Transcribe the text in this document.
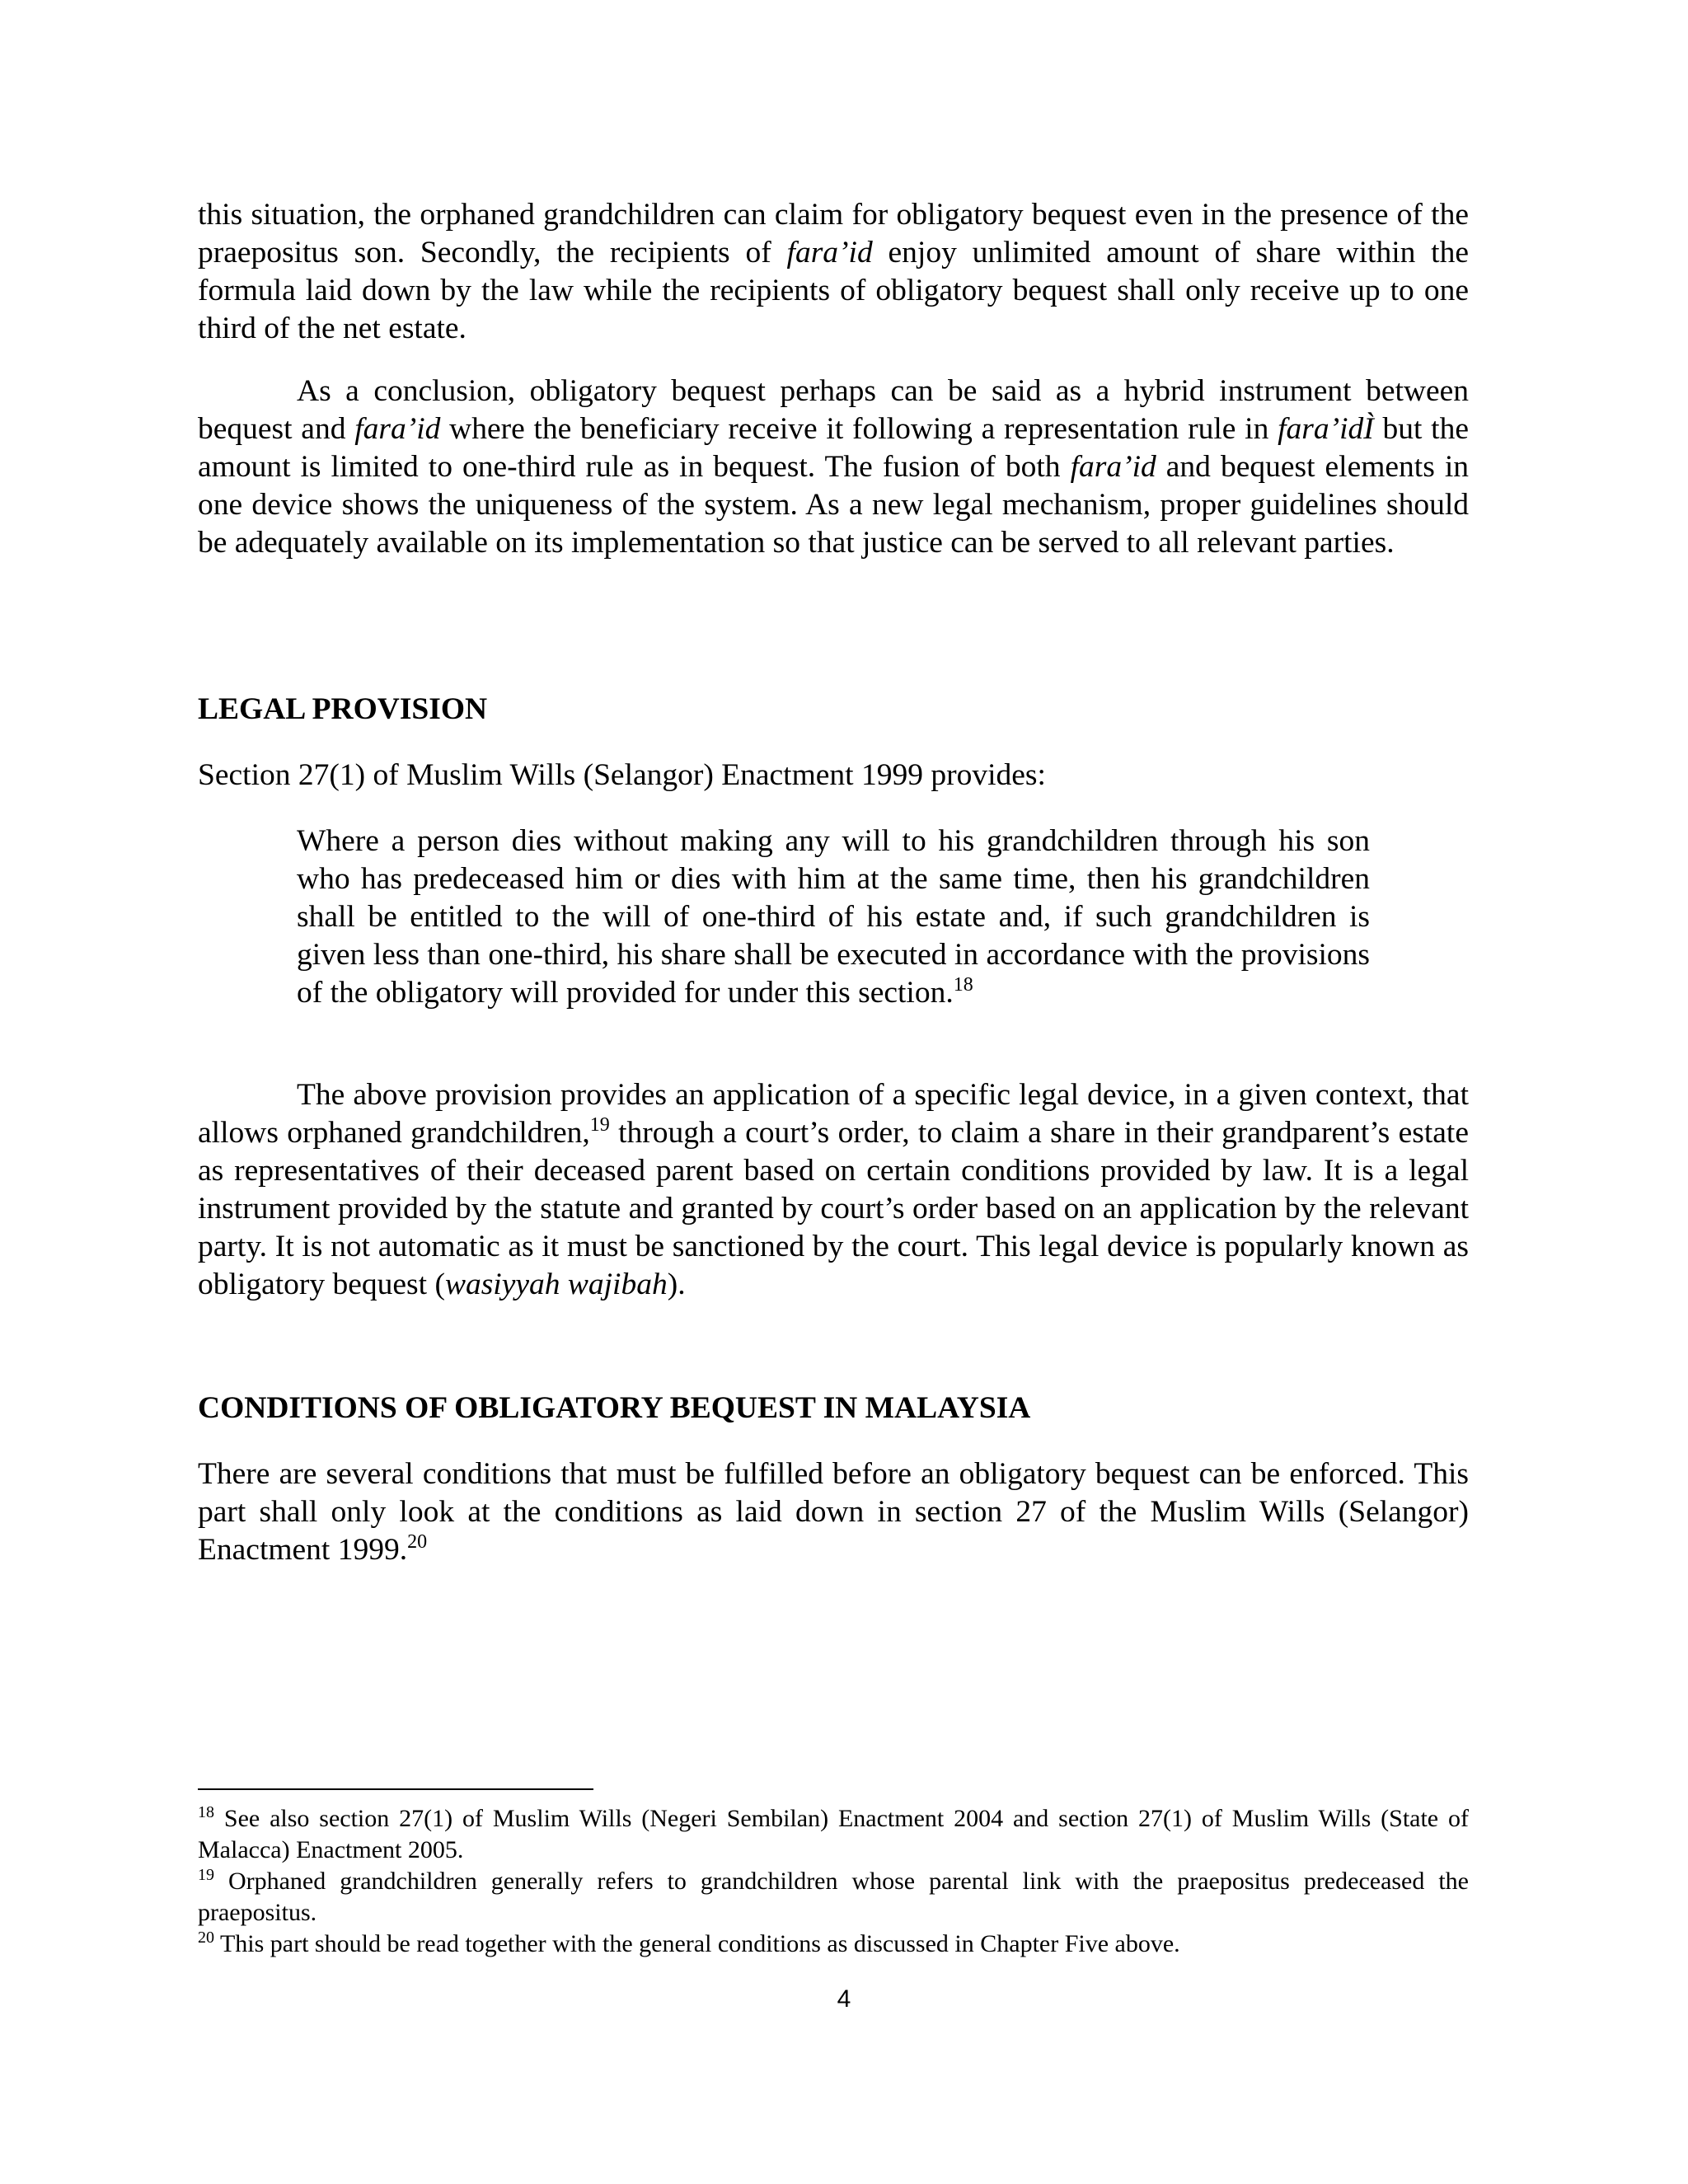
this situation, the orphaned grandchildren can claim for obligatory bequest even in the presence of the praepositus son. Secondly, the recipients of fara’id enjoy unlimited amount of share within the formula laid down by the law while the recipients of obligatory bequest shall only receive up to one third of the net estate.

As a conclusion, obligatory bequest perhaps can be said as a hybrid instrument between bequest and fara’id where the beneficiary receive it following a representation rule in fara’idÌ but the amount is limited to one-third rule as in bequest. The fusion of both fara’id and bequest elements in one device shows the uniqueness of the system. As a new legal mechanism, proper guidelines should be adequately available on its implementation so that justice can be served to all relevant parties.

LEGAL PROVISION

Section 27(1) of Muslim Wills (Selangor) Enactment 1999 provides:

Where a person dies without making any will to his grandchildren through his son who has predeceased him or dies with him at the same time, then his grandchildren shall be entitled to the will of one-third of his estate and, if such grandchildren is given less than one-third, his share shall be executed in accordance with the provisions of the obligatory will provided for under this section.$^{18}$

The above provision provides an application of a specific legal device, in a given context, that allows orphaned grandchildren,$^{19}$ through a court’s order, to claim a share in their grandparent’s estate as representatives of their deceased parent based on certain conditions provided by law. It is a legal instrument provided by the statute and granted by court’s order based on an application by the relevant party. It is not automatic as it must be sanctioned by the court. This legal device is popularly known as obligatory bequest (wasiyyah wajibah).

CONDITIONS OF OBLIGATORY BEQUEST IN MALAYSIA

There are several conditions that must be fulfilled before an obligatory bequest can be enforced. This part shall only look at the conditions as laid down in section 27 of the Muslim Wills (Selangor) Enactment 1999.20

$^{18}$ See also section 27(1) of Muslim Wills (Negeri Sembilan) Enactment 2004 and section 27(1) of Muslim Wills (State of Malacca) Enactment 2005.

$^{19}$ Orphaned grandchildren generally refers to grandchildren whose parental link with the praepositus predeceased the praepositus.

$^{20}$ This part should be read together with the general conditions as discussed in Chapter Five above.

4
